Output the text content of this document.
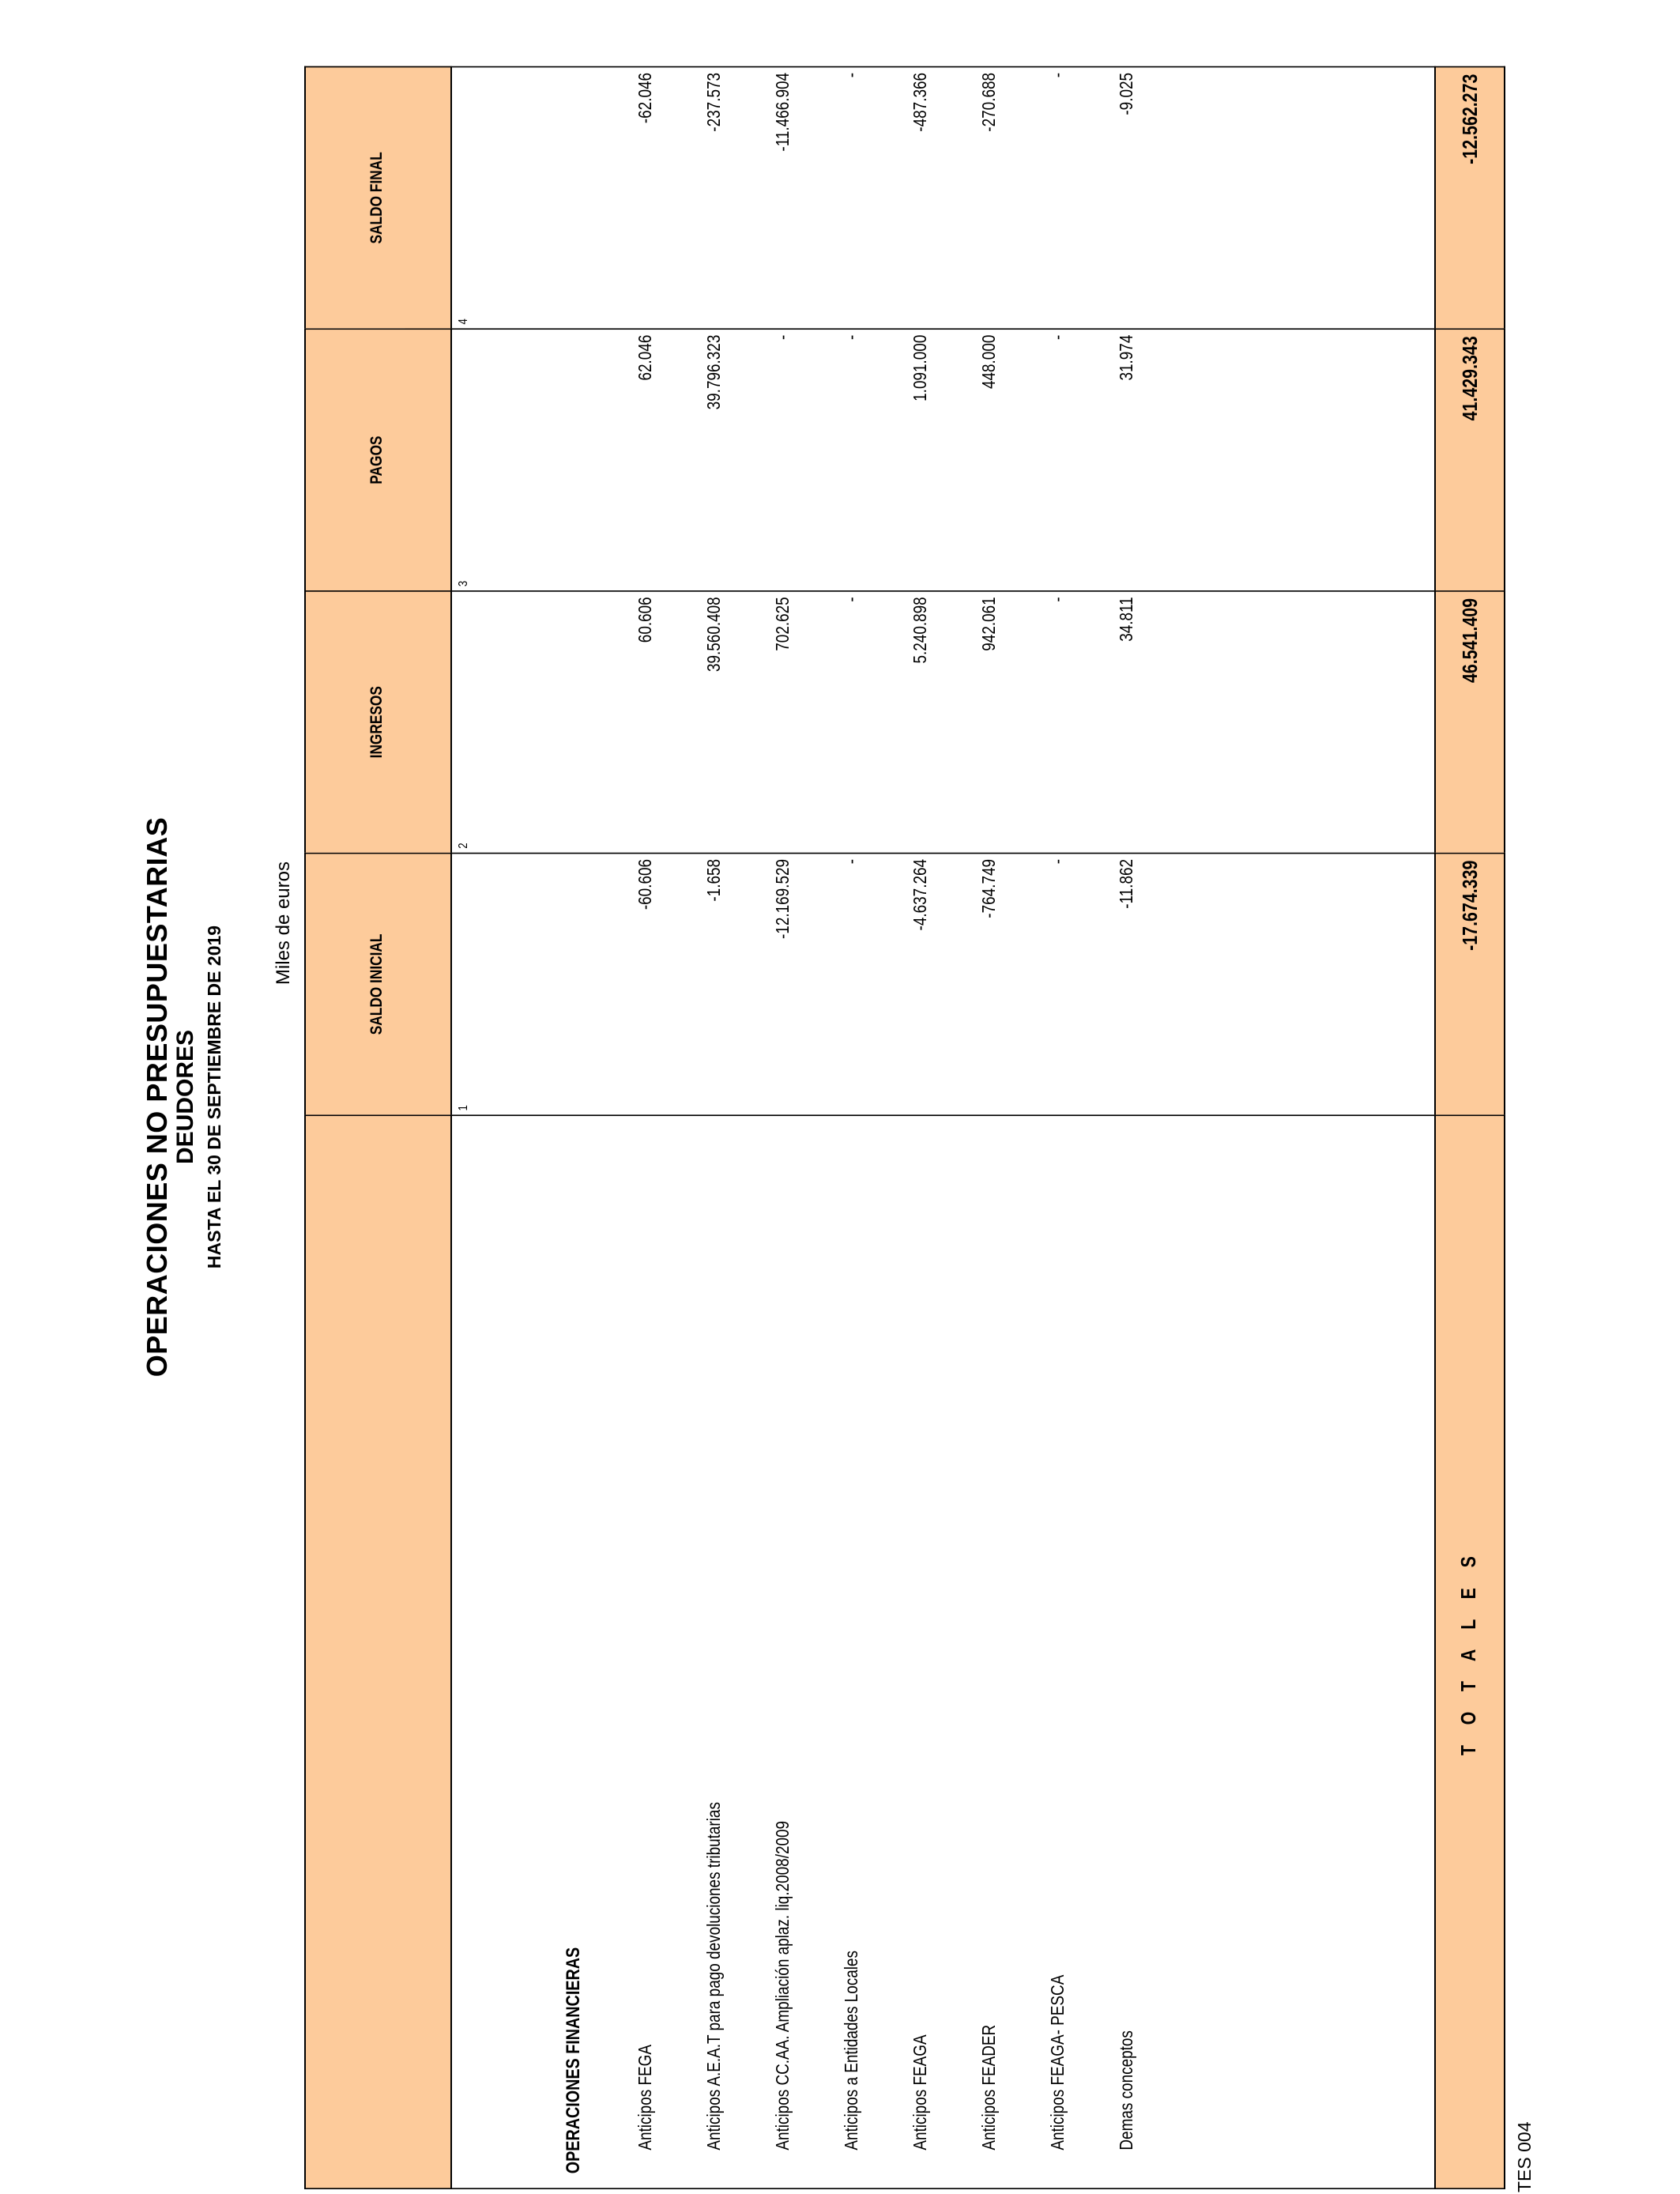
OPERACIONES NO PRESUPUESTARIAS DEUDORES HASTA EL 30 DE SEPTIEMBRE DE 2019
Miles de euros	SALDO INICIAL
INGRESOS
PAGOS
SALDO FINAL
1
2
3
4
OPERACIONES FINANCIERAS	Anticipos FEGA
-60.606
60.606
62.046
-62.046
Anticipos A.E.A.T para pago devoluciones tributarias
-1.658
39.560.408
39.796.323
-237.573
Anticipos CC.AA. Ampliación aplaz. liq.2008/2009
-12.169.529
702.625
-
-11.466.904
Anticipos a Entidades Locales
-
-
-
-
Anticipos FEAGA
-4.637.264
5.240.898
1.091.000
-487.366
Anticipos FEADER
-764.749
942.061
448.000
-270.688
Anticipos FEAGA- PESCA
-
-
-
-
Demas conceptos
-11.862
34.811
31.974
-9.025
T O T A L E S
-17.674.339
46.541.409
41.429.343
-12.562.273
TES 004
